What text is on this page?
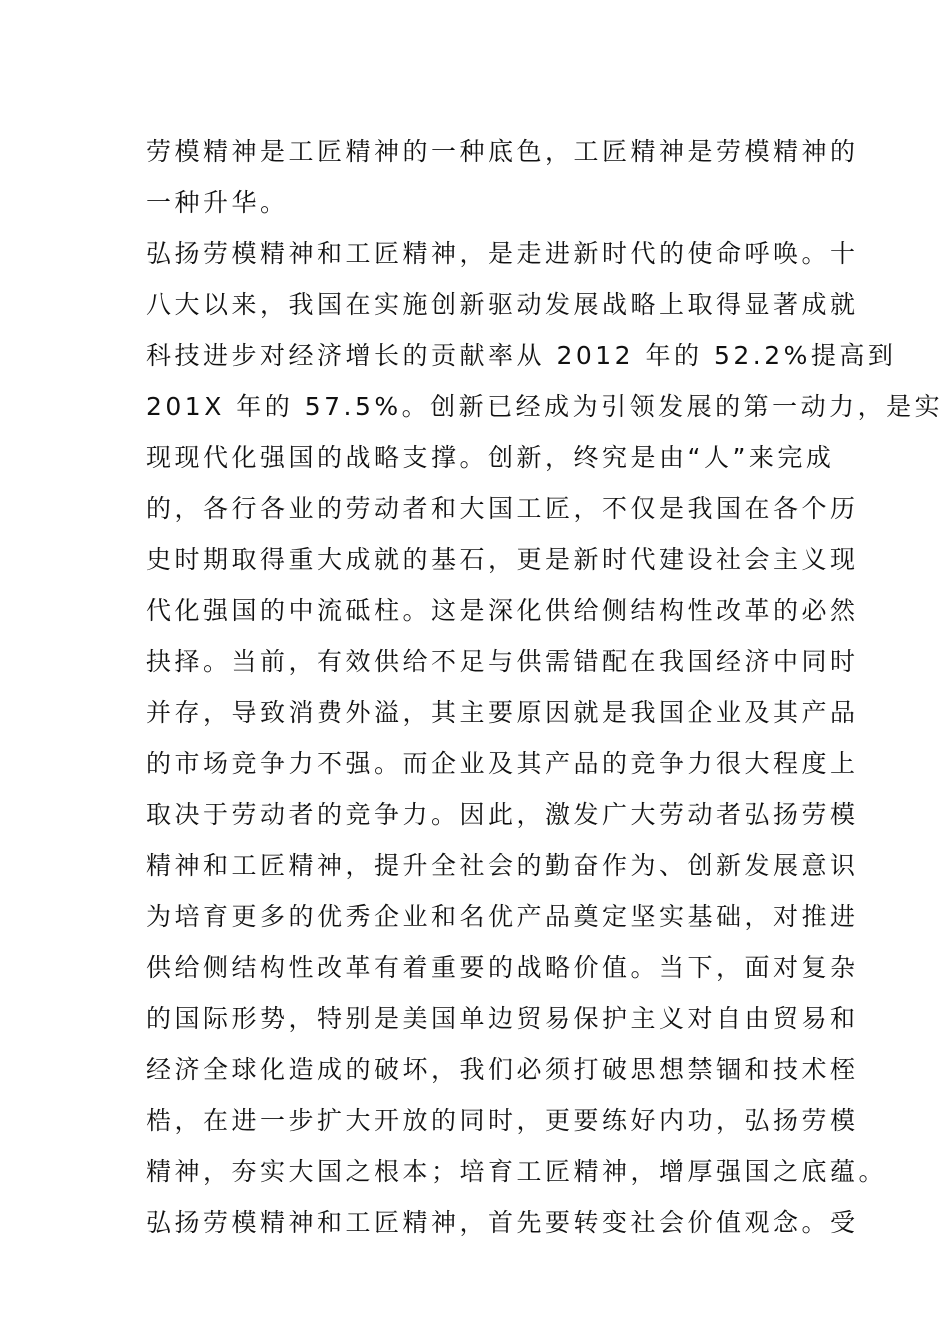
劳模精神是工匠精神的一种底色，工匠精神是劳模精神的
一种升华。
弘扬劳模精神和工匠精神，是走进新时代的使命呼唤。十
八大以来，我国在实施创新驱动发展战略上取得显著成就
科技进步对经济增长的贡献率从 2012 年的 52.2%提高到
201X 年的 57.5%。创新已经成为引领发展的第一动力，是实
现现代化强国的战略支撑。创新，终究是由“人”来完成
的，各行各业的劳动者和大国工匠，不仅是我国在各个历
史时期取得重大成就的基石，更是新时代建设社会主义现
代化强国的中流砥柱。这是深化供给侧结构性改革的必然
抉择。当前，有效供给不足与供需错配在我国经济中同时
并存，导致消费外溢，其主要原因就是我国企业及其产品
的市场竞争力不强。而企业及其产品的竞争力很大程度上
取决于劳动者的竞争力。因此，激发广大劳动者弘扬劳模
精神和工匠精神，提升全社会的勤奋作为、创新发展意识
为培育更多的优秀企业和名优产品奠定坚实基础，对推进
供给侧结构性改革有着重要的战略价值。当下，面对复杂
的国际形势，特别是美国单边贸易保护主义对自由贸易和
经济全球化造成的破坏，我们必须打破思想禁锢和技术桎
梏，在进一步扩大开放的同时，更要练好内功，弘扬劳模
精神，夯实大国之根本；培育工匠精神，增厚强国之底蕴。
弘扬劳模精神和工匠精神，首先要转变社会价值观念。受
